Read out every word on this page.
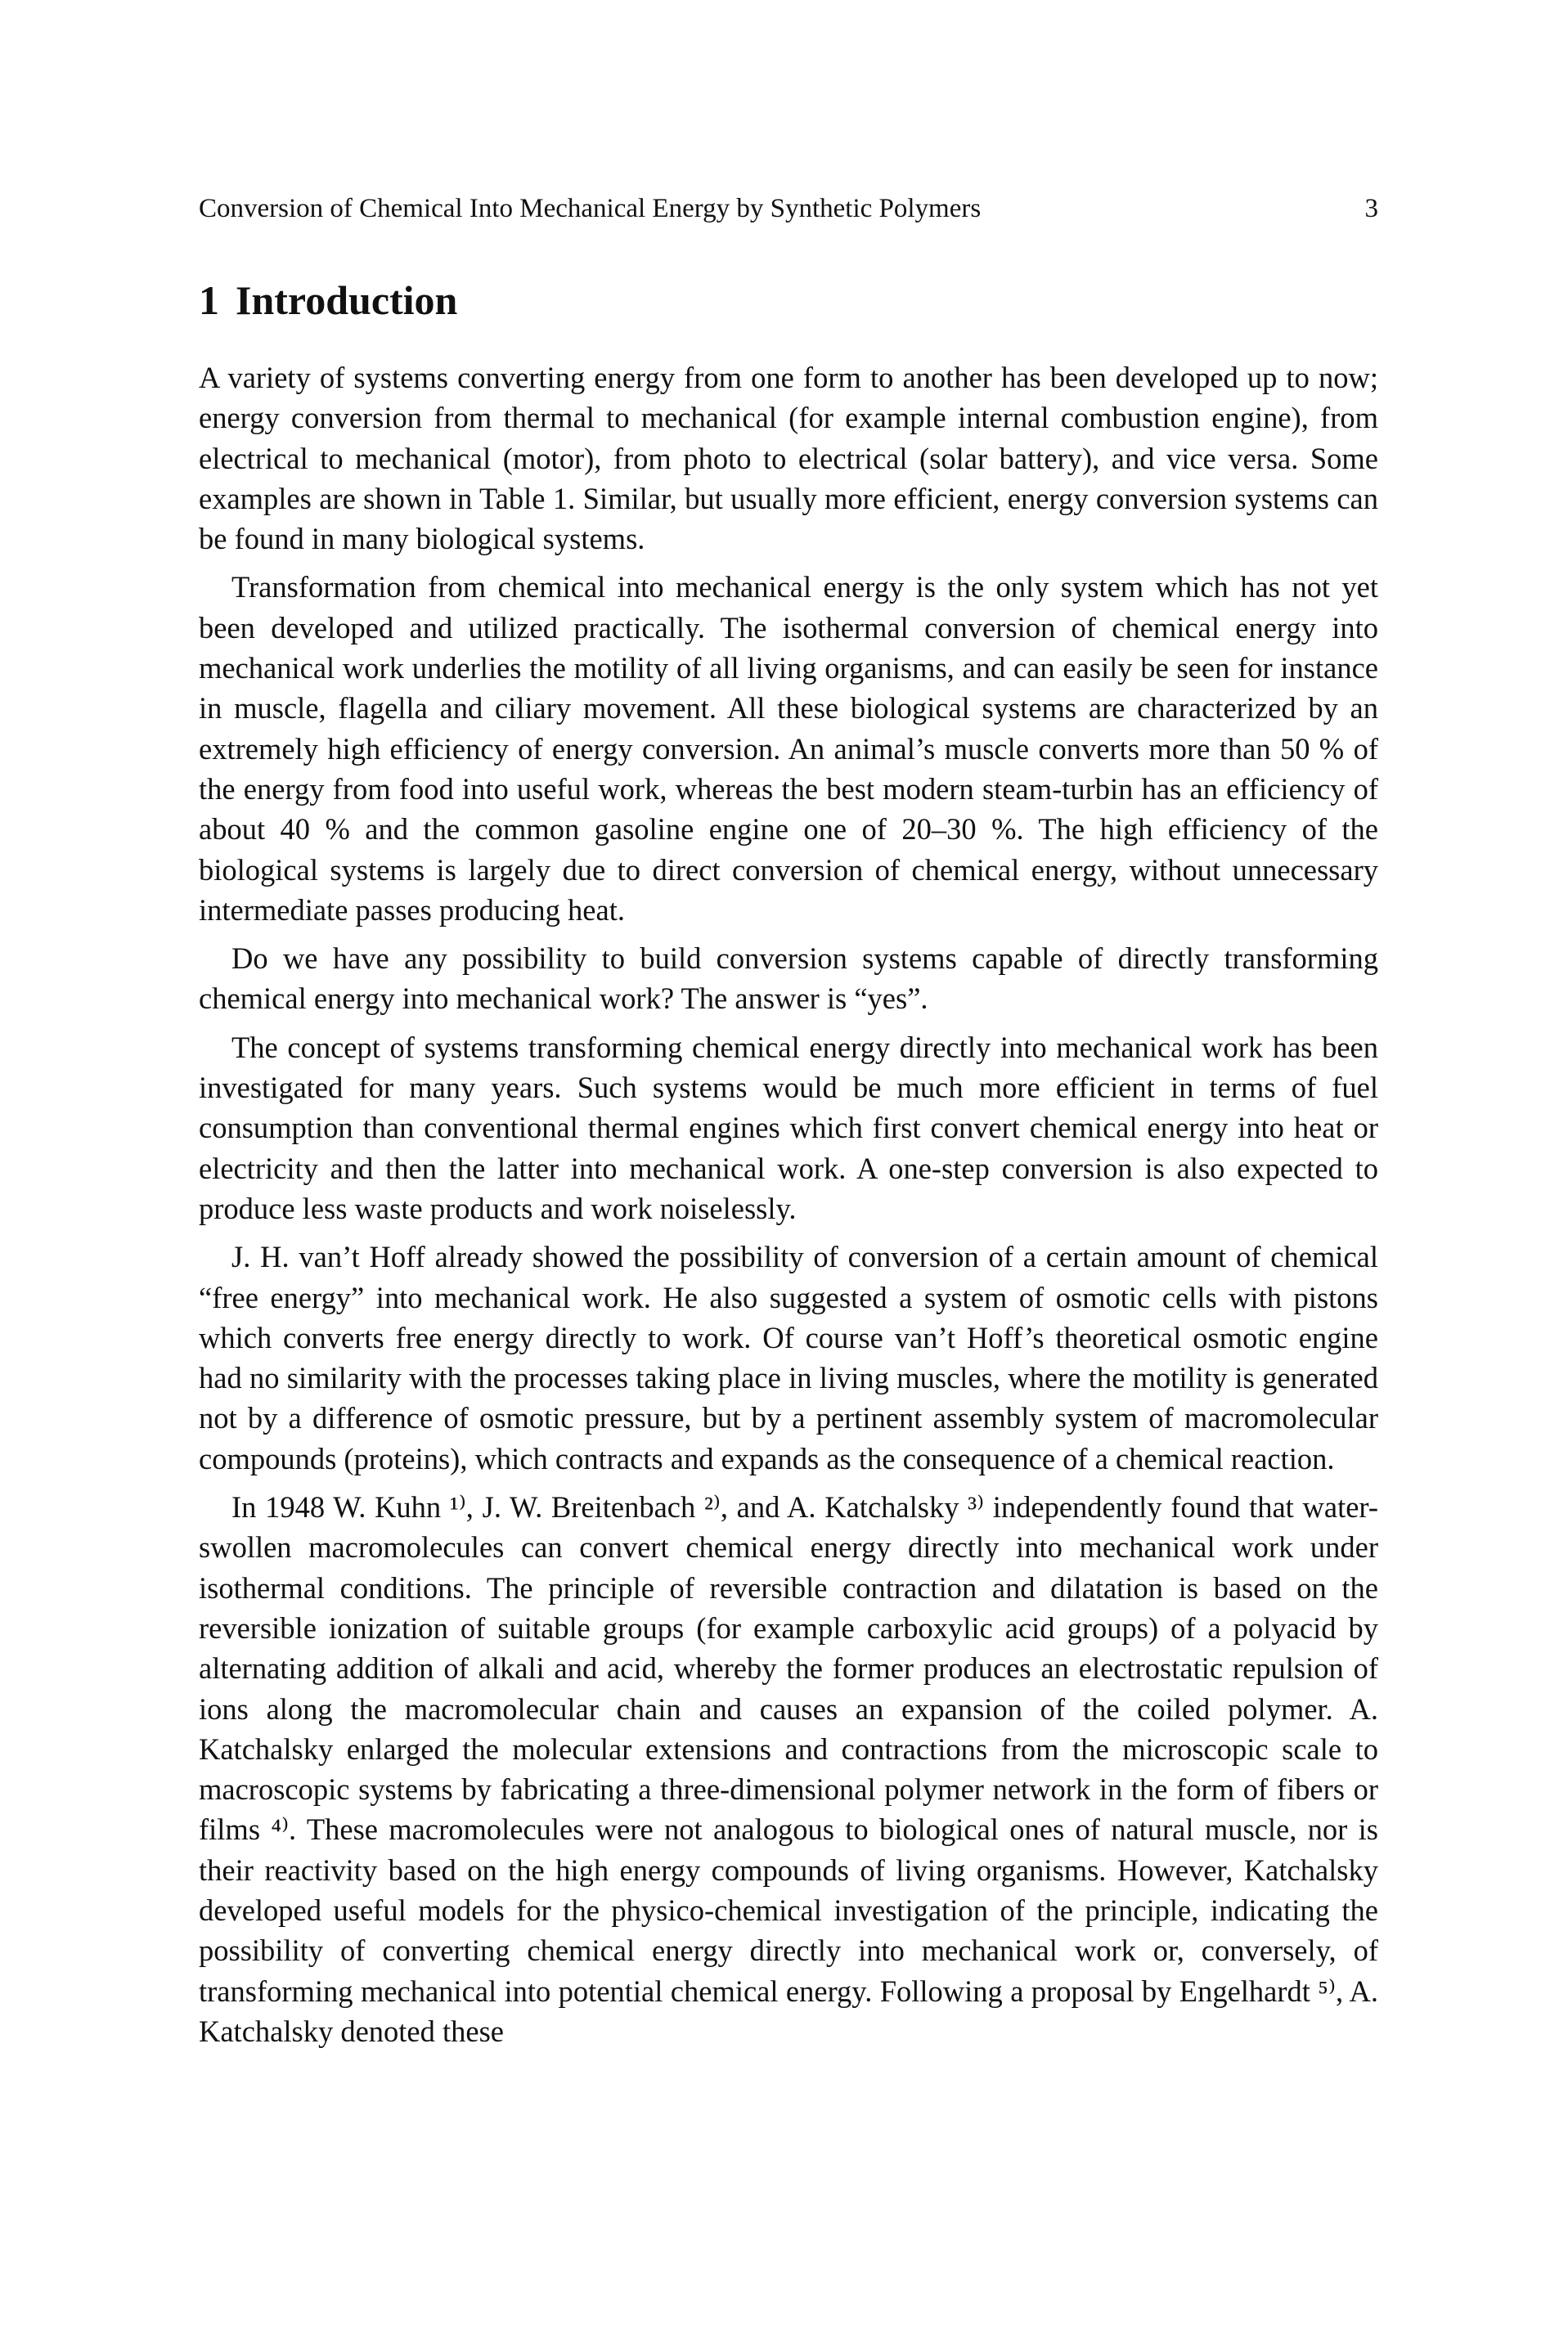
Conversion of Chemical Into Mechanical Energy by Synthetic Polymers	3
1 Introduction

A variety of systems converting energy from one form to another has been developed up to now; energy conversion from thermal to mechanical (for example internal combustion engine), from electrical to mechanical (motor), from photo to electrical (solar battery), and vice versa. Some examples are shown in Table 1. Similar, but usually more efficient, energy conversion systems can be found in many biological systems.

Transformation from chemical into mechanical energy is the only system which has not yet been developed and utilized practically. The isothermal conversion of chemical energy into mechanical work underlies the motility of all living organisms, and can easily be seen for instance in muscle, flagella and ciliary movement. All these biological systems are characterized by an extremely high efficiency of energy conversion. An animal’s muscle converts more than 50 % of the energy from food into useful work, whereas the best modern steam-turbin has an efficiency of about 40 % and the common gasoline engine one of 20–30 %. The high efficiency of the biological systems is largely due to direct conversion of chemical energy, without unnecessary intermediate passes producing heat.

Do we have any possibility to build conversion systems capable of directly transforming chemical energy into mechanical work? The answer is “yes”.

The concept of systems transforming chemical energy directly into mechanical work has been investigated for many years. Such systems would be much more efficient in terms of fuel consumption than conventional thermal engines which first convert chemical energy into heat or electricity and then the latter into mechanical work. A one-step conversion is also expected to produce less waste products and work noiselessly.

J. H. van’t Hoff already showed the possibility of conversion of a certain amount of chemical “free energy” into mechanical work. He also suggested a system of osmotic cells with pistons which converts free energy directly to work. Of course van’t Hoff’s theoretical osmotic engine had no similarity with the processes taking place in living muscles, where the motility is generated not by a difference of osmotic pressure, but by a pertinent assembly system of macromolecular compounds (proteins), which contracts and expands as the consequence of a chemical reaction.

In 1948 W. Kuhn ¹⁾, J. W. Breitenbach ²⁾, and A. Katchalsky ³⁾ independently found that water-swollen macromolecules can convert chemical energy directly into mechanical work under isothermal conditions. The principle of reversible contraction and dilatation is based on the reversible ionization of suitable groups (for example carboxylic acid groups) of a polyacid by alternating addition of alkali and acid, whereby the former produces an electrostatic repulsion of ions along the macromolecular chain and causes an expansion of the coiled polymer. A. Katchalsky enlarged the molecular extensions and contractions from the microscopic scale to macroscopic systems by fabricating a three-dimensional polymer network in the form of fibers or films ⁴⁾. These macromolecules were not analogous to biological ones of natural muscle, nor is their reactivity based on the high energy compounds of living organisms. However, Katchalsky developed useful models for the physico-chemical investigation of the principle, indicating the possibility of converting chemical energy directly into mechanical work or, conversely, of transforming mechanical into potential chemical energy. Following a proposal by Engelhardt ⁵⁾, A. Katchalsky denoted these
